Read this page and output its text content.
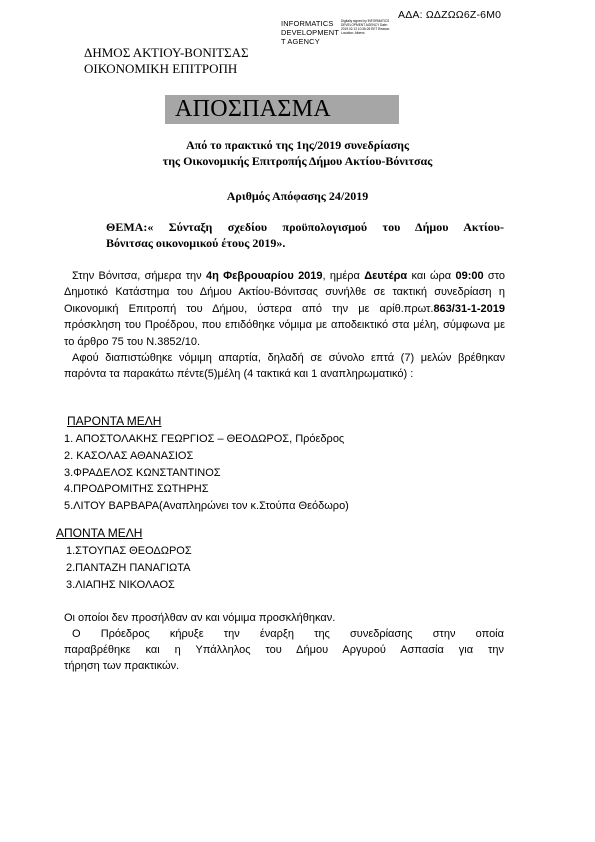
ΑΔΑ: ΩΔΖΩΩ6Ζ-6Μ0
INFORMATICS
DEVELOPMENT
T AGENCY
Digitally signed by INFORMATICS DEVELOPMENT AGENCY Date: 2019.02.13 10:36:26 EET Reason: Location: Athens
ΔΗΜΟΣ ΑΚΤΙΟΥ-ΒΟΝΙΤΣΑΣ
ΟΙΚΟΝΟΜΙΚΗ ΕΠΙΤΡΟΠΗ
ΑΠΟΣΠΑΣΜΑ
Από το πρακτικό της 1ης/2019 συνεδρίασης
της Οικονομικής Επιτροπής Δήμου Ακτίου-Βόνιτσας
Αριθμός Απόφασης 24/2019
ΘΕΜΑ:« Σύνταξη σχεδίου προϋπολογισμού του Δήμου Ακτίου-
Βόνιτσας οικονομικού έτους 2019».
Στην Βόνιτσα, σήμερα την 4η Φεβρουαρίου 2019, ημέρα Δευτέρα και ώρα 09:00 στο Δημοτικό Κατάστημα του Δήμου Ακτίου-Βόνιτσας συνήλθε σε τακτική συνεδρίαση η Οικονομική Επιτροπή του Δήμου, ύστερα από την με αρίθ.πρωτ.863/31-1-2019 πρόσκληση του Προέδρου, που επιδόθηκε νόμιμα με αποδεικτικό στα μέλη, σύμφωνα με το άρθρο 75 του Ν.3852/10.
Αφού διαπιστώθηκε νόμιμη απαρτία, δηλαδή σε σύνολο επτά (7) μελών βρέθηκαν παρόντα τα παρακάτω πέντε(5)μέλη (4 τακτικά και 1 αναπληρωματικό) :
ΠΑΡΟΝΤΑ ΜΕΛΗ
1. ΑΠΟΣΤΟΛΑΚΗΣ ΓΕΩΡΓΙΟΣ – ΘΕΟΔΩΡΟΣ, Πρόεδρος
2. ΚΑΣΟΛΑΣ ΑΘΑΝΑΣΙΟΣ
3.ΦΡΑΔΕΛΟΣ ΚΩΝΣΤΑΝΤΙΝΟΣ
4.ΠΡΟΔΡΟΜΙΤΗΣ ΣΩΤΗΡΗΣ
5.ΛΙΤΟΥ ΒΑΡΒΑΡΑ(Αναπληρώνει τον κ.Στούπα Θεόδωρο)
ΑΠΟΝΤΑ ΜΕΛΗ
1.ΣΤΟΥΠΑΣ ΘΕΟΔΩΡΟΣ
2.ΠΑΝΤΑΖΗ ΠΑΝΑΓΙΩΤΑ
3.ΛΙΑΠΗΣ ΝΙΚΟΛΑΟΣ
Οι οποίοι δεν προσήλθαν αν και νόμιμα προσκλήθηκαν.
Ο Πρόεδρος κήρυξε την έναρξη της συνεδρίασης στην οποία
παραβρέθηκε και η Υπάλληλος του Δήμου Αργυρού Ασπασία για την
τήρηση των πρακτικών.
